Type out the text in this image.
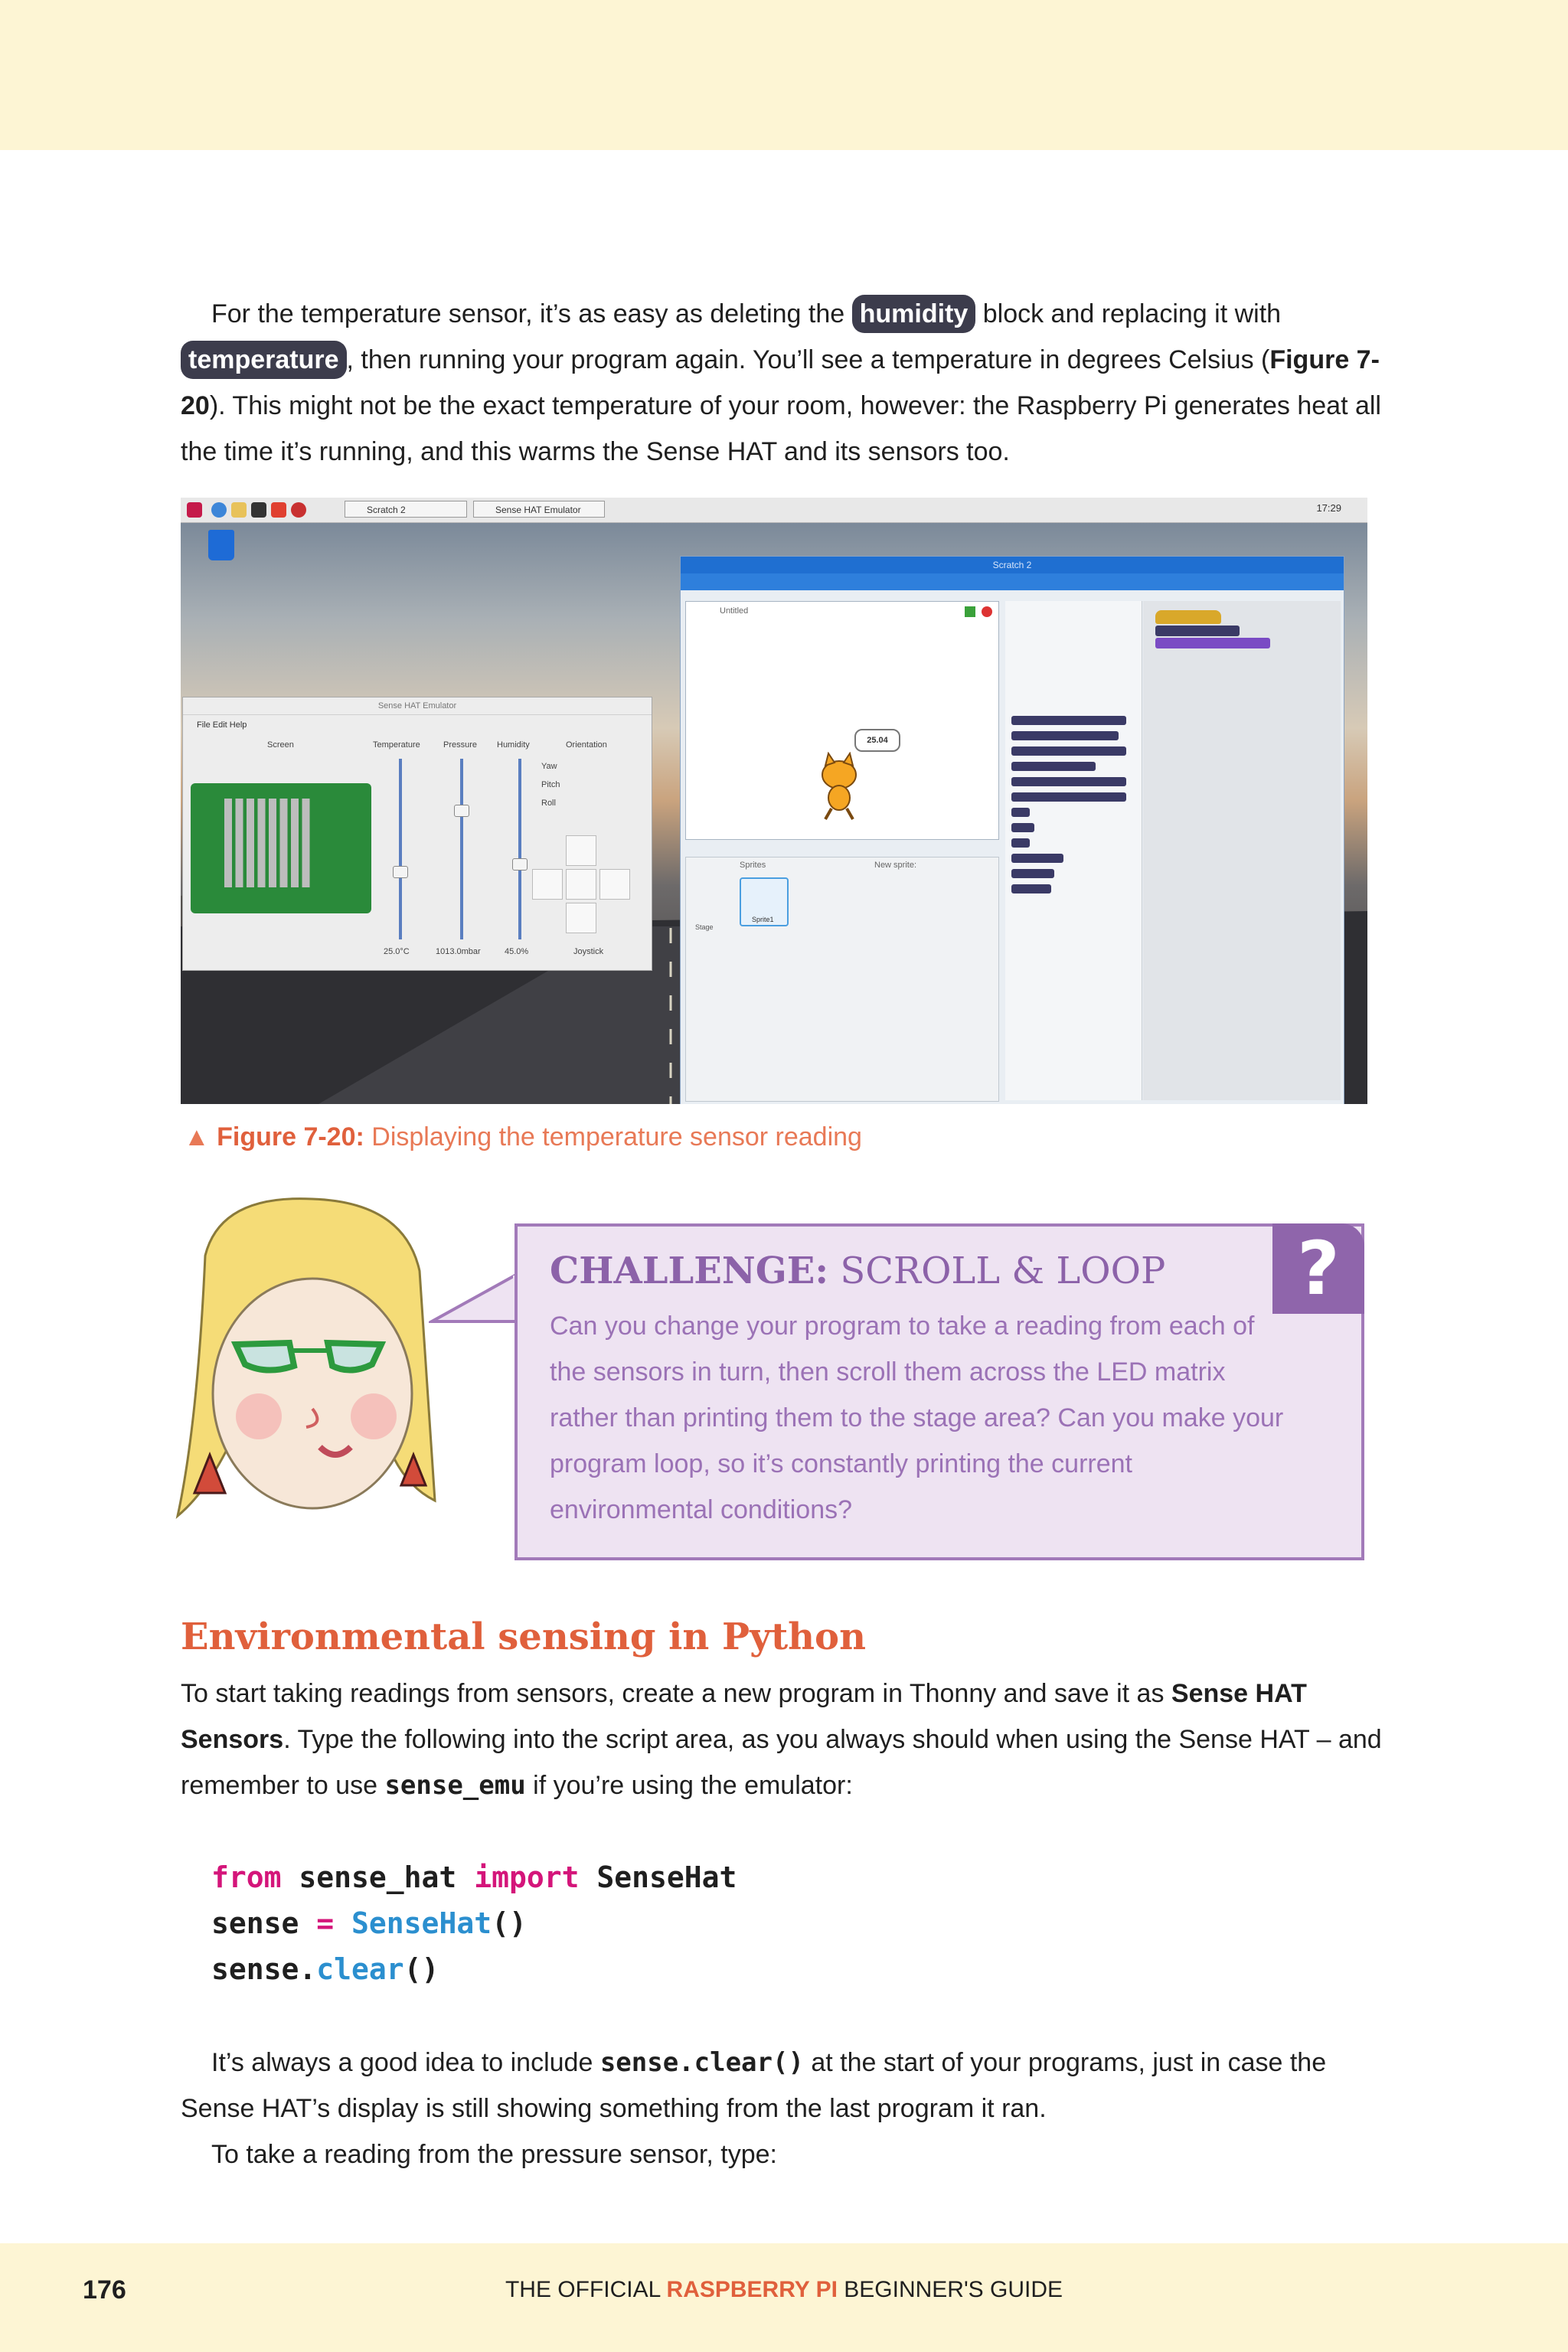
For the temperature sensor, it’s as easy as deleting the humidity block and replacing it with temperature , then running your program again. You’ll see a temperature in degrees Celsius (Figure 7-20). This might not be the exact temperature of your room, however: the Raspberry Pi generates heat all the time it’s running, and this warms the Sense HAT and its sensors too.

Scratch 2	Sense HAT Emulator	17:29
Sense HAT Emulator
File Edit Help
Screen	Temperature	Pressure Humidity	Orientation
Yaw
Pitch
Roll
25.0°C	1013.0mbar	45.0%	Joystick
Scratch 2
Untitled
25.04
Sprites	New sprite:
Sprite1
Stage
▲ Figure 7-20: Displaying the temperature sensor reading
?
CHALLENGE: SCROLL & LOOP

Can you change your program to take a reading from each of the sensors in turn, then scroll them across the LED matrix rather than printing them to the stage area? Can you make your program loop, so it’s constantly printing the current environmental conditions?

Environmental sensing in Python

To start taking readings from sensors, create a new program in Thonny and save it as Sense HAT Sensors. Type the following into the script area, as you always should when using the Sense HAT – and remember to use sense_emu if you’re using the emulator:

from sense_hat import SenseHat
sense = SenseHat()
sense.clear()

It’s always a good idea to include sense.clear() at the start of your programs, just in case the Sense HAT’s display is still showing something from the last program it ran.

To take a reading from the pressure sensor, type:

176	THE OFFICIAL RASPBERRY PI BEGINNER'S GUIDE
